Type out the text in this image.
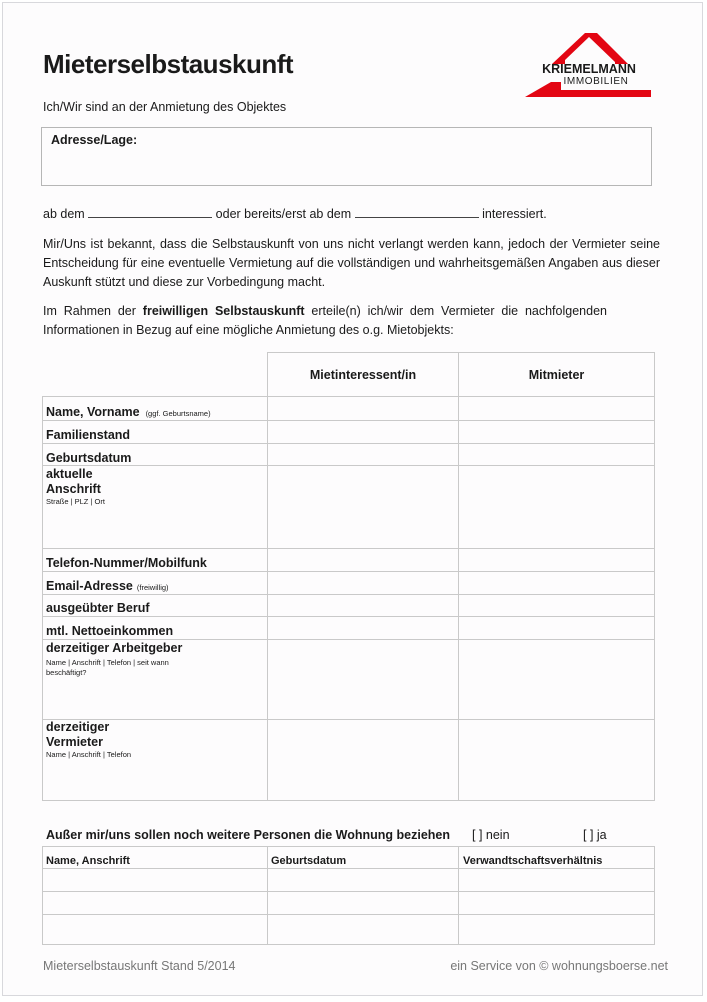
Mieterselbstauskunft	KRIEMELMANN
IMMOBILIEN
Ich/Wir sind an der Anmietung des Objektes
Adresse/Lage:
ab dem	oder bereits/erst ab dem	interessiert.
Mir/Uns ist bekannt, dass die Selbstauskunft von uns nicht verlangt werden kann, jedoch der Vermieter seine Entscheidung für eine eventuelle Vermietung auf die vollständigen und wahrheitsgemäßen Angaben aus dieser Auskunft stützt und diese zur Vorbedingung macht.
Im Rahmen der freiwilligen Selbstauskunft erteile(n) ich/wir dem Vermieter die nachfolgenden
Informationen in Bezug auf eine mögliche Anmietung des o.g. Mietobjekts:
Mietinteressent/in	Mitmieter
Name, Vorname (ggf. Geburtsname)
Familienstand
Geburtsdatum
aktuelle
Anschrift
Straße | PLZ | Ort
Telefon-Nummer/Mobilfunk
Email-Adresse (freiwillig)
ausgeübter Beruf
mtl. Nettoeinkommen
derzeitiger Arbeitgeber
Name | Anschrift | Telefon | seit wann
beschäftigt?
derzeitiger
Vermieter
Name | Anschrift | Telefon
Außer mir/uns sollen noch weitere Personen die Wohnung beziehen [ ] nein	[ ] ja
Name, Anschrift	Geburtsdatum	Verwandtschaftsverhältnis
Mieterselbstauskunft Stand 5/2014	ein Service von © wohnungsboerse.net
